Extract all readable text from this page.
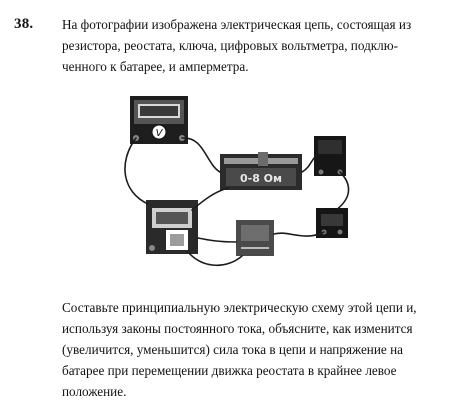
38. На фотографии изображена электрическая цепь, состоящая из
резистора, реостата, ключа, цифровых вольтметра, подклю-
ченного к батарее, и амперметра.
V
0-8 Ом
Составьте принципиальную электрическую схему этой цепи и,
используя законы постоянного тока, объясните, как изменится
(увеличится, уменьшится) сила тока в цепи и напряжение на
батарее при перемещении движка реостата в крайнее левое
положение.
